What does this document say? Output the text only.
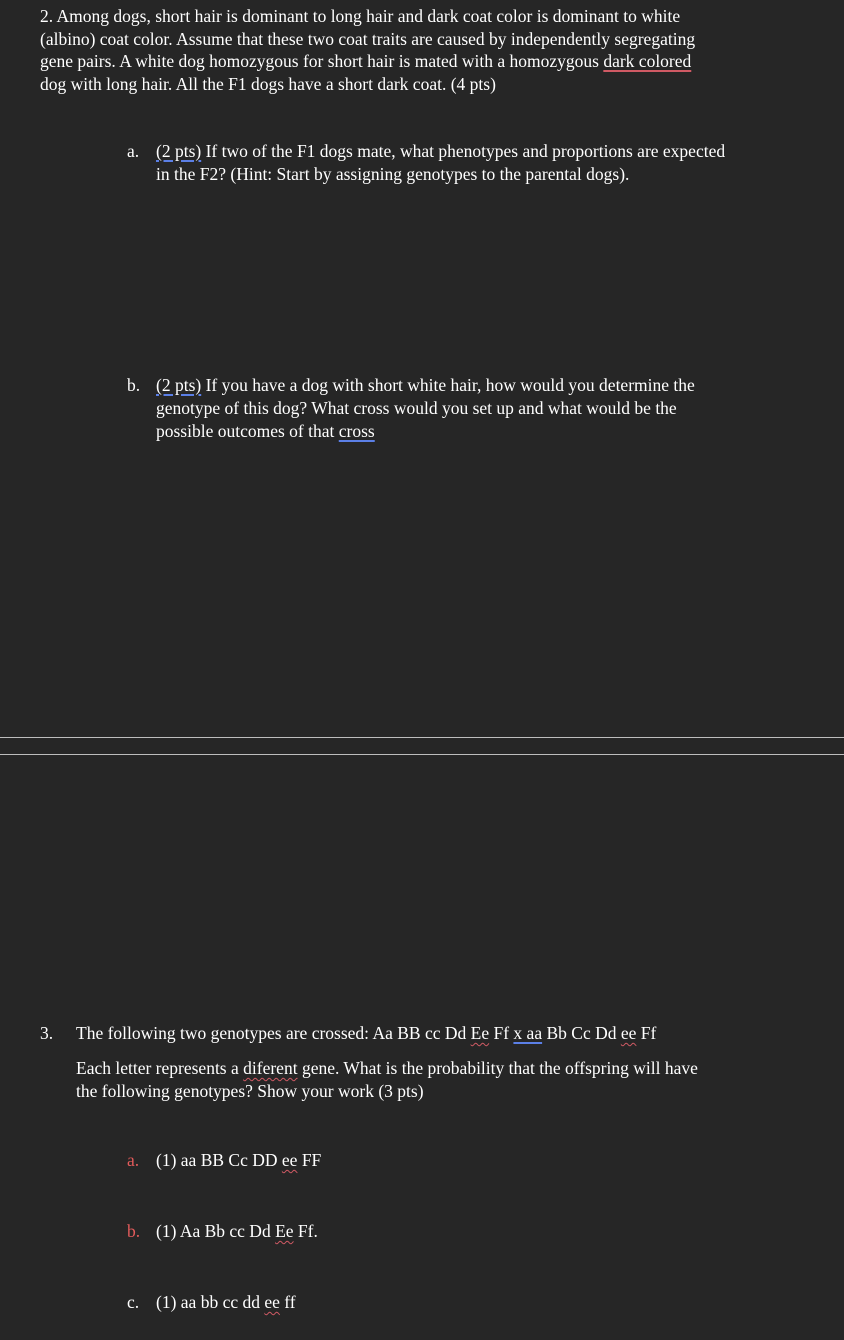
2. Among dogs, short hair is dominant to long hair and dark coat color is dominant to white
(albino) coat color. Assume that these two coat traits are caused by independently segregating
gene pairs. A white dog homozygous for short hair is mated with a homozygous dark colored
dog with long hair. All the F1 dogs have a short dark coat. (4 pts)
a. (2 pts) If two of the F1 dogs mate, what phenotypes and proportions are expected
in the F2? (Hint: Start by assigning genotypes to the parental dogs).
b. (2 pts) If you have a dog with short white hair, how would you determine the
genotype of this dog? What cross would you set up and what would be the
possible outcomes of that cross
3. The following two genotypes are crossed: Aa BB cc Dd Ee Ff x aa Bb Cc Dd ee Ff
Each letter represents a diferent gene. What is the probability that the offspring will have
the following genotypes? Show your work (3 pts)
a. (1) aa BB Cc DD ee FF
b. (1) Aa Bb cc Dd Ee Ff.
c. (1) aa bb cc dd ee ff
